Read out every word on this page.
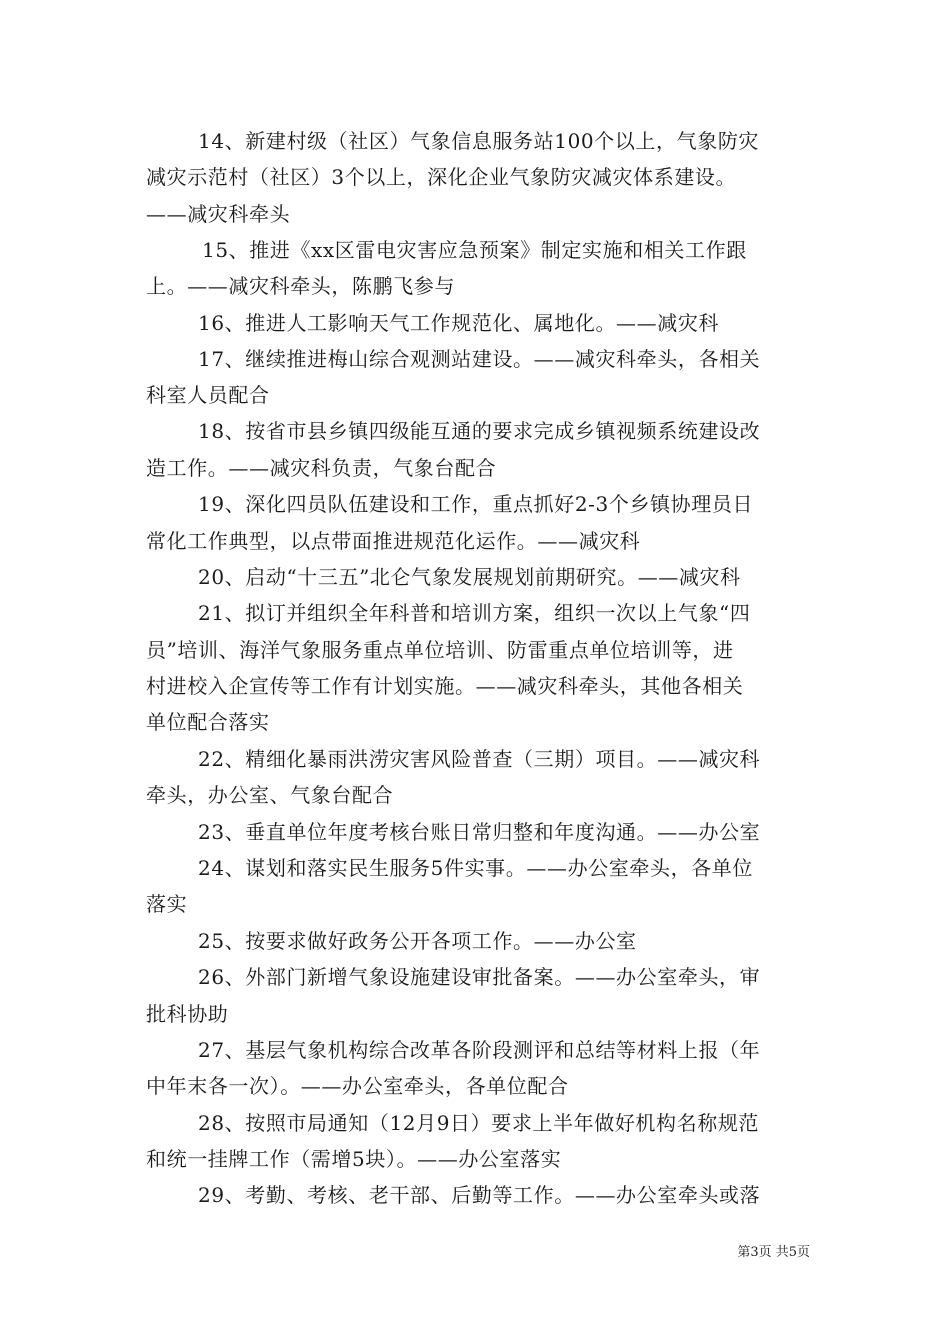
14、新建村级（社区）气象信息服务站100个以上，气象防灾
减灾示范村（社区）3个以上，深化企业气象防灾减灾体系建设。
——减灾科牵头
15、推进《xx区雷电灾害应急预案》制定实施和相关工作跟
上。——减灾科牵头，陈鹏飞参与
16、推进人工影响天气工作规范化、属地化。——减灾科
17、继续推进梅山综合观测站建设。——减灾科牵头，各相关
科室人员配合
18、按省市县乡镇四级能互通的要求完成乡镇视频系统建设改
造工作。——减灾科负责，气象台配合
19、深化四员队伍建设和工作，重点抓好2-3个乡镇协理员日
常化工作典型，以点带面推进规范化运作。——减灾科
20、启动“十三五”北仑气象发展规划前期研究。——减灾科
21、拟订并组织全年科普和培训方案，组织一次以上气象“四
员”培训、海洋气象服务重点单位培训、防雷重点单位培训等，进
村进校入企宣传等工作有计划实施。——减灾科牵头，其他各相关
单位配合落实
22、精细化暴雨洪涝灾害风险普查（三期）项目。——减灾科
牵头，办公室、气象台配合
23、垂直单位年度考核台账日常归整和年度沟通。——办公室
24、谋划和落实民生服务5件实事。——办公室牵头，各单位
落实
25、按要求做好政务公开各项工作。——办公室
26、外部门新增气象设施建设审批备案。——办公室牵头，审
批科协助
27、基层气象机构综合改革各阶段测评和总结等材料上报（年
中年末各一次）。——办公室牵头，各单位配合
28、按照市局通知（12月9日）要求上半年做好机构名称规范
和统一挂牌工作（需增5块）。——办公室落实
29、考勤、考核、老干部、后勤等工作。——办公室牵头或落
第3页 共5页
